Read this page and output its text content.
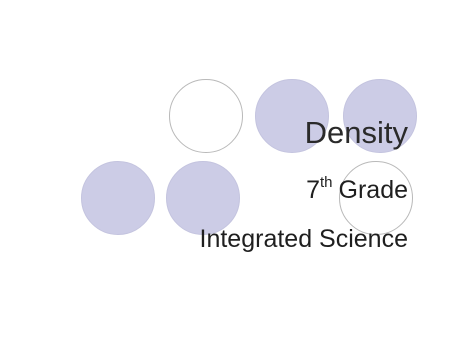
Density
7th Grade
Integrated Science
